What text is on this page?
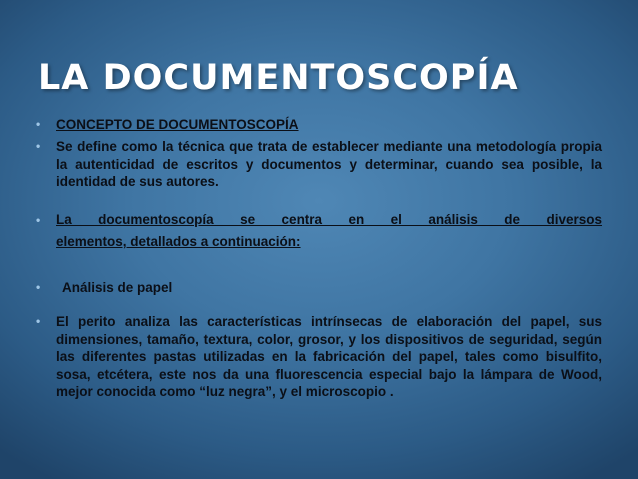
LA DOCUMENTOSCOPÍA
• CONCEPTO DE DOCUMENTOSCOPÍA
• Se define como la técnica que trata de establecer mediante una metodología propia la autenticidad de escritos y documentos y determinar, cuando sea posible, la identidad de sus autores.
• La documentoscopía se centra en el análisis de diversos
elementos, detallados a continuación:
• Análisis de papel
• El perito analiza las características intrínsecas de elaboración del papel, sus dimensiones, tamaño, textura, color, grosor, y los dispositivos de seguridad, según las diferentes pastas utilizadas en la fabricación del papel, tales como bisulfito, sosa, etcétera, este nos da una fluorescencia especial bajo la lámpara de Wood, mejor conocida como “luz negra”, y el microscopio .
